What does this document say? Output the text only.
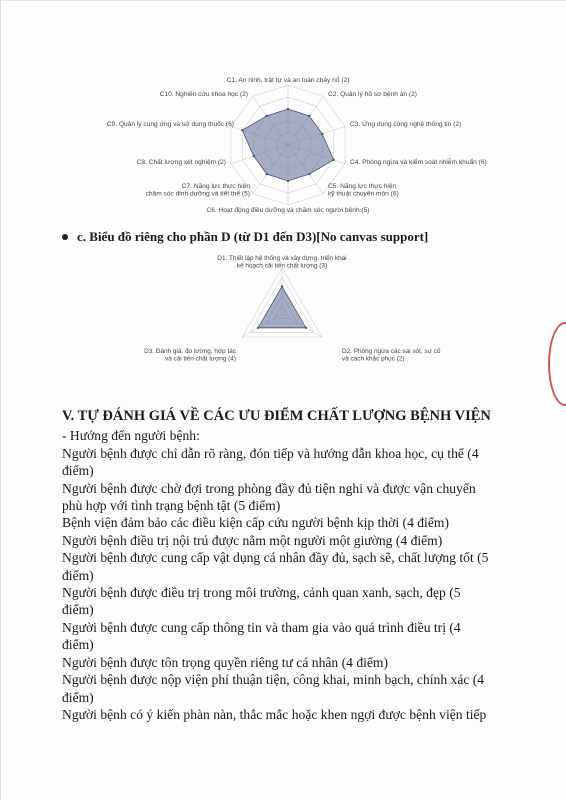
C1. An ninh, trật tự và an toàn cháy nổ (2)
C2. Quản lý hồ sơ bệnh án (2)
C3. Ứng dụng công nghệ thông tin (2)
C4. Phòng ngừa và kiểm soát nhiễm khuẩn (6)
C5. Năng lực thực hiện kỹ thuật chuyên môn (6)
C6. Hoạt động điều dưỡng và chăm sóc người bệnh (5)
C7. Năng lực thực hiện chăm sóc dinh dưỡng và tiết thế (5)
C8. Chất lượng xét nghiệm (2)
C9. Quản lý cung ứng và sử dụng thuốc (6)
C10. Nghiên cứu khoa học (2)
c. Biểu đồ riêng cho phần D (từ D1 đến D3)[No canvas support]
D1. Thiết lập hệ thống và xây dựng, triển khai kế hoạch cải tiến chất lượng (3)
D2. Phòng ngừa các sai sót, sự cố và cách khắc phục (2)
D3. Đánh giá, đo lường, hợp tác và cải tiến chất lượng (4)
V. TỰ ĐÁNH GIÁ VỀ CÁC ƯU ĐIỂM CHẤT LƯỢNG BỆNH VIỆN

- Hướng đến người bệnh:

Người bệnh được chỉ dẫn rõ ràng, đón tiếp và hướng dẫn khoa học, cụ thể (4

điểm)

Người bệnh được chờ đợi trong phòng đầy đủ tiện nghi và được vận chuyển

phù hợp với tình trạng bệnh tật (5 điểm)

Bệnh viện đảm bảo các điều kiện cấp cứu người bệnh kịp thời (4 điểm)

Người bệnh điều trị nội trú được nằm một người một giường (4 điểm)

Người bệnh được cung cấp vật dụng cá nhân đầy đủ, sạch sẽ, chất lượng tốt (5

điểm)

Người bệnh được điều trị trong môi trường, cảnh quan xanh, sạch, đẹp (5

điểm)

Người bệnh được cung cấp thông tin và tham gia vào quá trình điều trị (4

điểm)

Người bệnh được tôn trọng quyền riêng tư cá nhân (4 điểm)

Người bệnh được nộp viện phí thuận tiện, công khai, minh bạch, chính xác (4

điểm)

Người bệnh có ý kiến phàn nàn, thắc mắc hoặc khen ngợi được bệnh viện tiếp
